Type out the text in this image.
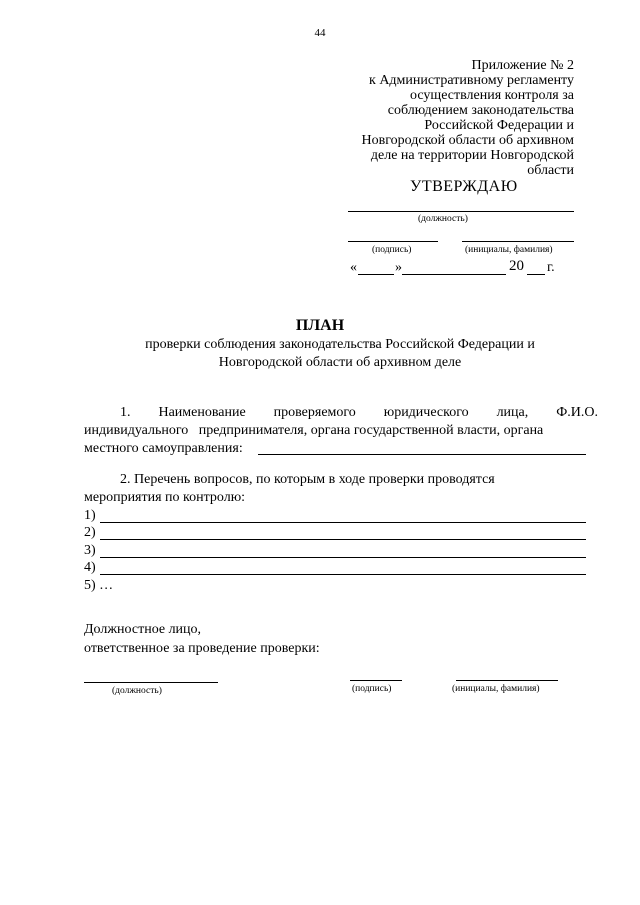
44
Приложение № 2
к Административному регламенту
осуществления контроля за
соблюдением законодательства
Российской Федерации и
Новгородской области об архивном
деле на территории Новгородской
области
УТВЕРЖДАЮ
(должность)
(подпись)	(инициалы, фамилия)
«	»	20 г.
ПЛАН
проверки соблюдения законодательства Российской Федерации и
Новгородской области об архивном деле
1. Наименование проверяемого юридического лица, Ф.И.О.
индивидуального   предпринимателя, органа государственной власти, органа
местного самоуправления:
2. Перечень вопросов, по которым в ходе проверки проводятся
мероприятия по контролю:
1)
2)
3)
4)
5) …
Должностное лицо,
ответственное за проведение проверки:
(должность)	(подпись)	(инициалы, фамилия)
